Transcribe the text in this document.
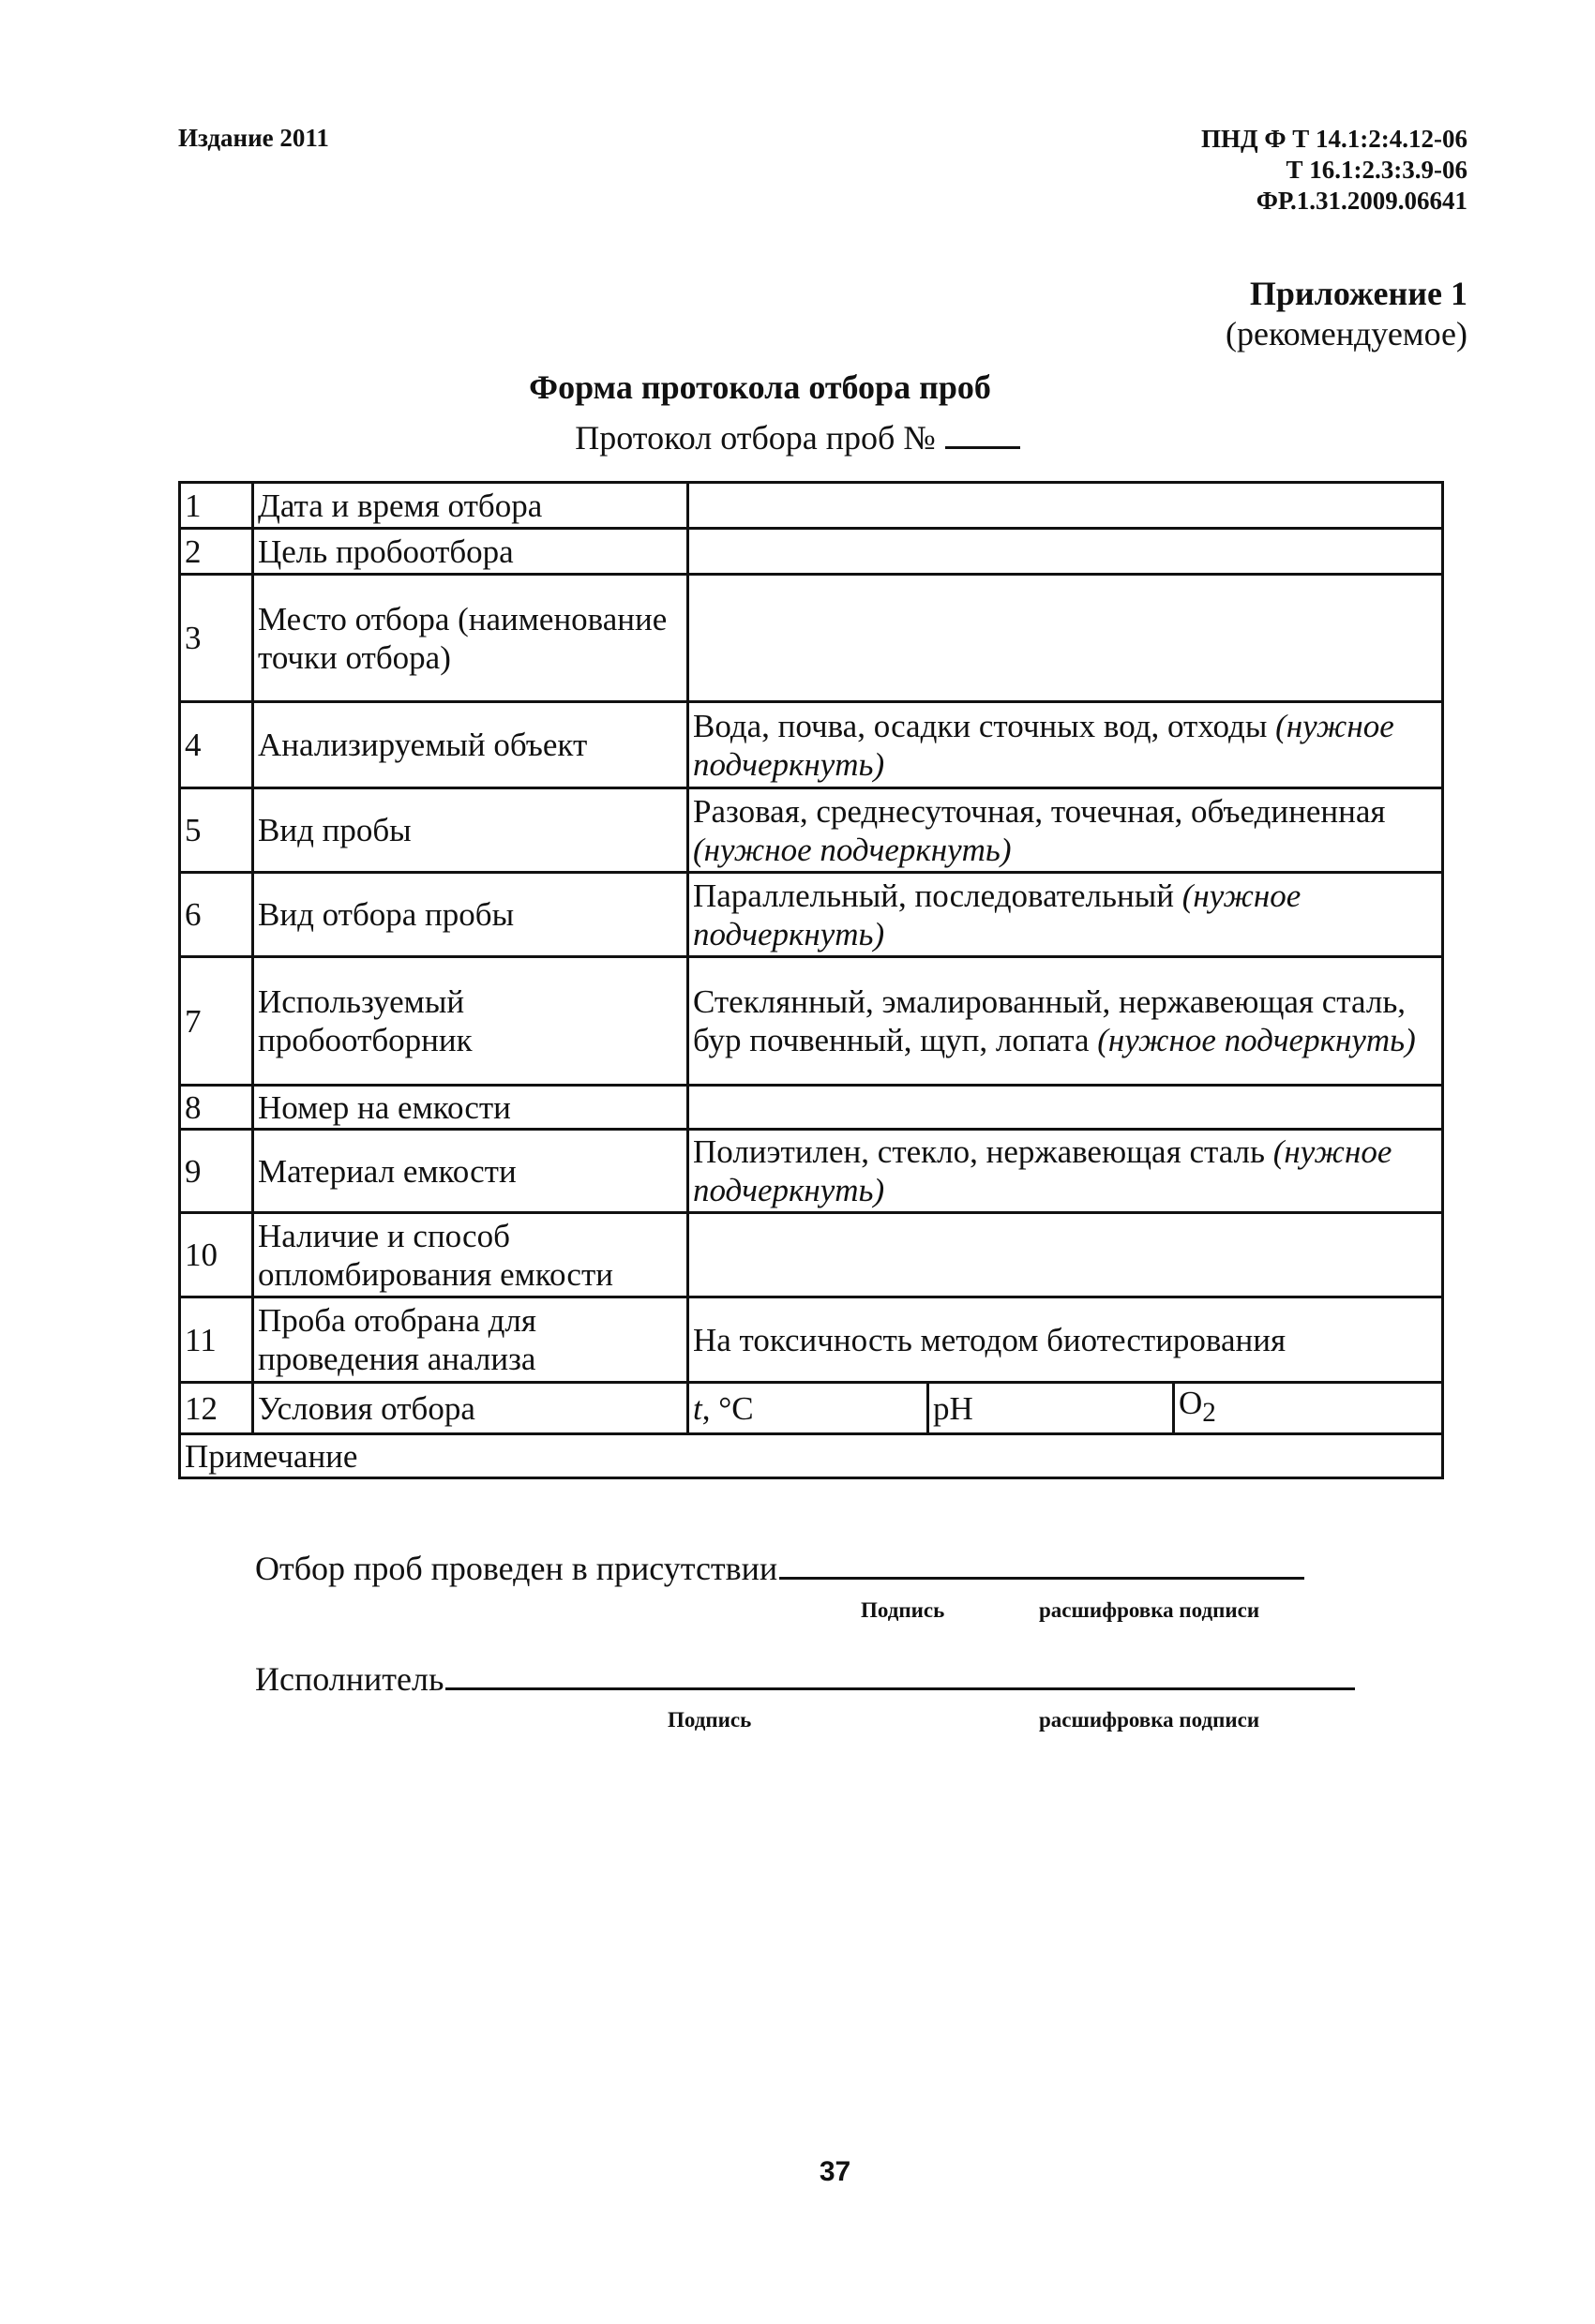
Издание 2011	ПНД Ф Т 14.1:2:4.12-06
Т 16.1:2.3:3.9-06
ФР.1.31.2009.06641
Приложение 1
(рекомендуемое)
Форма протокола отбора проб
Протокол отбора проб №
1	Дата и время отбора			
2	Цель пробоотбора			
3	Место отбора (наименование точки отбора)			
4	Анализируемый объект	Вода, почва, осадки сточных вод, отходы (нужное подчеркнуть)		
5	Вид пробы	Разовая, среднесуточная, точечная, объединенная (нужное подчеркнуть)		
6	Вид отбора пробы	Параллельный, последовательный (нужное подчеркнуть)		
7	Используемый пробоотборник	Стеклянный, эмалированный, нержавеющая сталь, бур почвенный, щуп, лопата (нужное подчеркнуть)		
8	Номер на емкости			
9	Материал емкости	Полиэтилен, стекло, нержавеющая сталь (нужное подчеркнуть)		
10	Наличие и способ опломбирования емкости			
11	Проба отобрана для проведения анализа	На токсичность методом биотестирования		
12	Условия отбора	t, °С	pH	$O_2$
Примечание				
Отбор проб проведен в присутствии
Подпись	расшифровка подписи
Исполнитель
Подпись	расшифровка подписи
37
